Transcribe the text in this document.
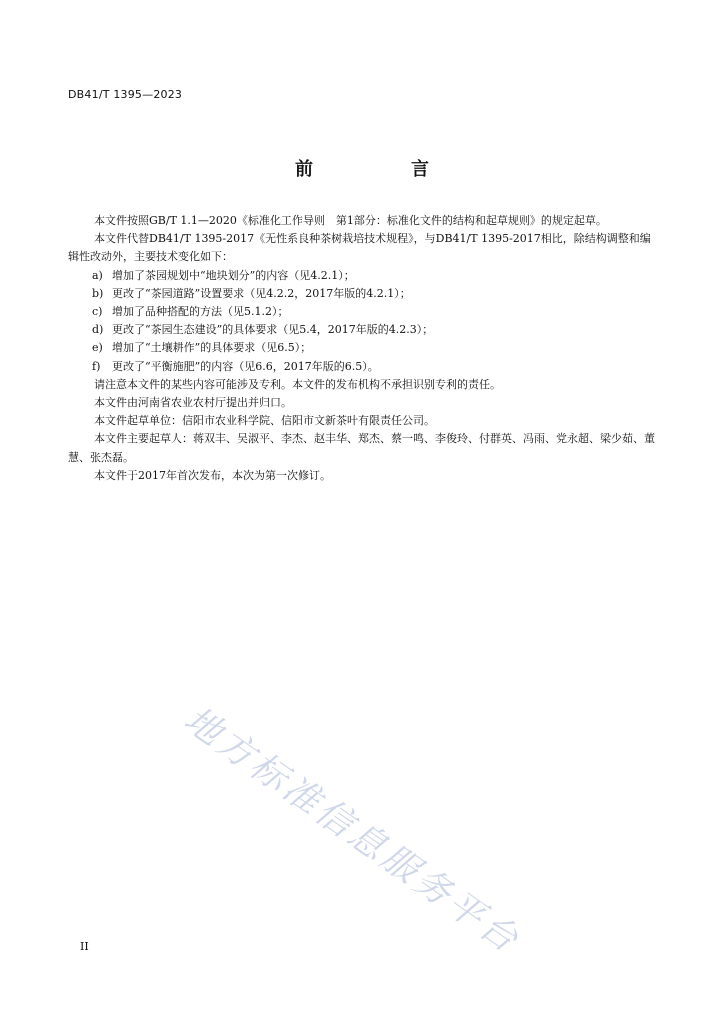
DB41/T 1395—2023
前　言

本文件按照GB/T 1.1—2020《标准化工作导则　第1部分：标准化文件的结构和起草规则》的规定起草。

本文件代替DB41/T 1395-2017《无性系良种茶树栽培技术规程》，与DB41/T 1395-2017相比，除结构调整和编辑性改动外，主要技术变化如下：

a) 增加了茶园规划中“地块划分”的内容（见4.2.1）；
b) 更改了“茶园道路”设置要求（见4.2.2，2017年版的4.2.1）；
c) 增加了品种搭配的方法（见5.1.2）；
d) 更改了“茶园生态建设”的具体要求（见5.4，2017年版的4.2.3）；
e) 增加了“土壤耕作”的具体要求（见6.5）；
f)	更改了“平衡施肥”的内容（见6.6，2017年版的6.5）。

请注意本文件的某些内容可能涉及专利。本文件的发布机构不承担识别专利的责任。

本文件由河南省农业农村厅提出并归口。

本文件起草单位：信阳市农业科学院、信阳市文新茶叶有限责任公司。

本文件主要起草人：蒋双丰、吴淑平、李杰、赵丰华、郑杰、蔡一鸣、李俊玲、付群英、冯雨、党永超、梁少茹、董慧、张杰磊。

本文件于2017年首次发布，本次为第一次修订。

地方标准信息服务平台
II
